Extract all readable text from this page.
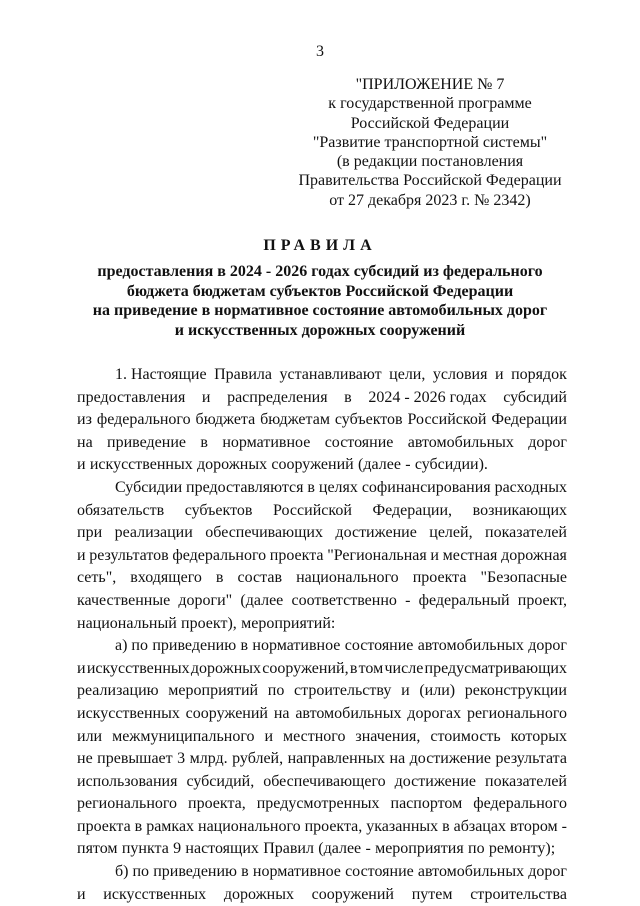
3
"ПРИЛОЖЕНИЕ № 7
к государственной программе
Российской Федерации
"Развитие транспортной системы"
(в редакции постановления
Правительства Российской Федерации
от 27 декабря 2023 г. № 2342)
ПРАВИЛА
предоставления в 2024 - 2026 годах субсидий из федерального
бюджета бюджетам субъектов Российской Федерации
на приведение в нормативное состояние автомобильных дорог
и искусственных дорожных сооружений
1. Настоящие Правила устанавливают цели, условия и порядок
предоставления и распределения в 2024 - 2026 годах субсидий
из федерального бюджета бюджетам субъектов Российской Федерации
на приведение в нормативное состояние автомобильных дорог
и искусственных дорожных сооружений (далее - субсидии).
Субсидии предоставляются в целях софинансирования расходных
обязательств субъектов Российской Федерации, возникающих
при реализации обеспечивающих достижение целей, показателей
и результатов федерального проекта "Региональная и местная дорожная
сеть", входящего в состав национального проекта "Безопасные
качественные дороги" (далее соответственно - федеральный проект,
национальный проект), мероприятий:
а) по приведению в нормативное состояние автомобильных дорог
и искусственных дорожных сооружений, в том числе предусматривающих
реализацию мероприятий по строительству и (или) реконструкции
искусственных сооружений на автомобильных дорогах регионального
или межмуниципального и местного значения, стоимость которых
не превышает 3 млрд. рублей, направленных на достижение результата
использования субсидий, обеспечивающего достижение показателей
регионального проекта, предусмотренных паспортом федерального
проекта в рамках национального проекта, указанных в абзацах втором -
пятом пункта 9 настоящих Правил (далее - мероприятия по ремонту);
б) по приведению в нормативное состояние автомобильных дорог
и искусственных дорожных сооружений путем строительства
